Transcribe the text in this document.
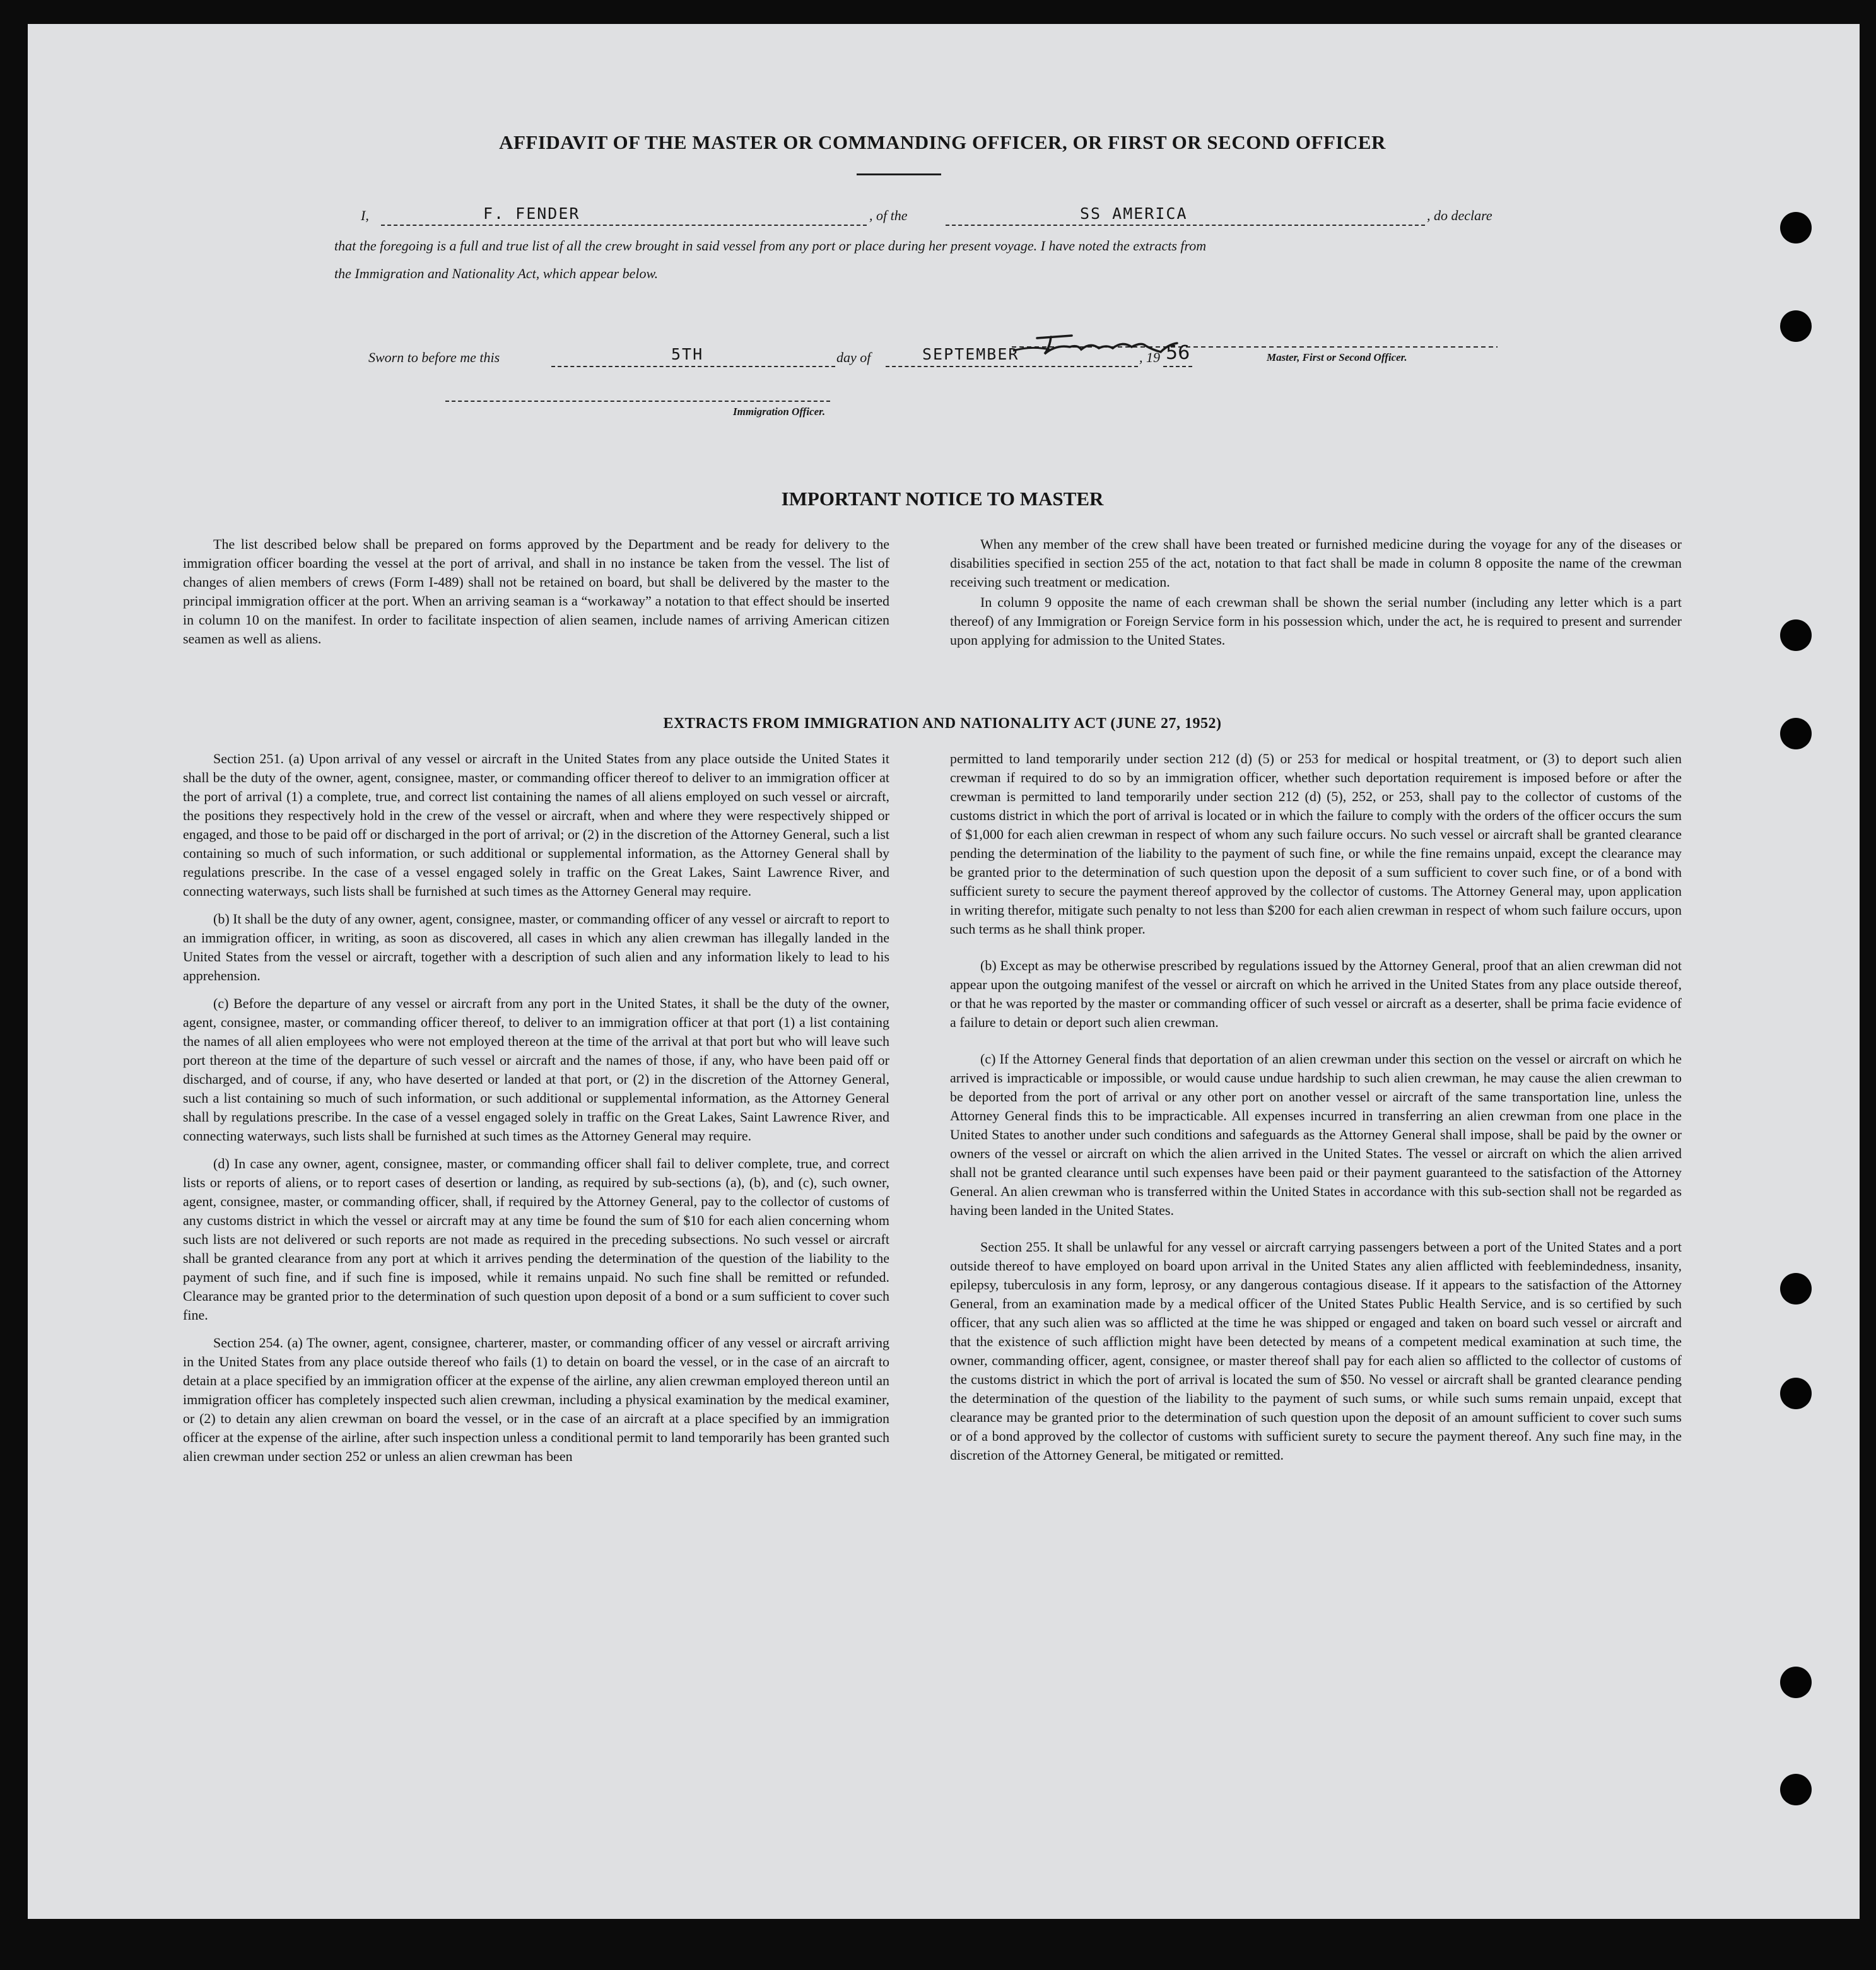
AFFIDAVIT OF THE MASTER OR COMMANDING OFFICER, OR FIRST OR SECOND OFFICER
I,	F. FENDER	, of the	SS AMERICA	, do declare
that the foregoing is a full and true list of all the crew brought in said vessel from any port or place during her present voyage. I have noted the extracts from
the Immigration and Nationality Act, which appear below.
Master, First or Second Officer.
Sworn to before me this	5TH	day of	SEPTEMBER	, 19 56
Immigration Officer.
IMPORTANT NOTICE TO MASTER

The list described below shall be prepared on forms approved by the Department and be ready for delivery to the immigration officer boarding the vessel at the port of arrival, and shall in no instance be taken from the vessel. The list of changes of alien members of crews (Form I-489) shall not be retained on board, but shall be delivered by the master to the principal immigration officer at the port. When an arriving seaman is a “workaway” a notation to that effect should be inserted in column 10 on the manifest. In order to facilitate inspection of alien seamen, include names of arriving American citizen seamen as well as aliens.

When any member of the crew shall have been treated or furnished medicine during the voyage for any of the diseases or disabilities specified in section 255 of the act, notation to that fact shall be made in column 8 opposite the name of the crewman receiving such treatment or medication.

In column 9 opposite the name of each crewman shall be shown the serial number (including any letter which is a part thereof) of any Immigration or Foreign Service form in his possession which, under the act, he is required to present and surrender upon applying for admission to the United States.

EXTRACTS FROM IMMIGRATION AND NATIONALITY ACT (JUNE 27, 1952)

Section 251. (a) Upon arrival of any vessel or aircraft in the United States from any place outside the United States it shall be the duty of the owner, agent, consignee, master, or commanding officer thereof to deliver to an immigration officer at the port of arrival (1) a complete, true, and correct list containing the names of all aliens employed on such vessel or aircraft, the positions they respectively hold in the crew of the vessel or aircraft, when and where they were respectively shipped or engaged, and those to be paid off or discharged in the port of arrival; or (2) in the discretion of the Attorney General, such a list containing so much of such information, or such additional or supplemental information, as the Attorney General shall by regulations prescribe. In the case of a vessel engaged solely in traffic on the Great Lakes, Saint Lawrence River, and connecting waterways, such lists shall be furnished at such times as the Attorney General may require.

(b) It shall be the duty of any owner, agent, consignee, master, or commanding officer of any vessel or aircraft to report to an immigration officer, in writing, as soon as discovered, all cases in which any alien crewman has illegally landed in the United States from the vessel or aircraft, together with a description of such alien and any information likely to lead to his apprehension.

(c) Before the departure of any vessel or aircraft from any port in the United States, it shall be the duty of the owner, agent, consignee, master, or commanding officer thereof, to deliver to an immigration officer at that port (1) a list containing the names of all alien employees who were not employed thereon at the time of the arrival at that port but who will leave such port thereon at the time of the departure of such vessel or aircraft and the names of those, if any, who have been paid off or discharged, and of course, if any, who have deserted or landed at that port, or (2) in the discretion of the Attorney General, such a list containing so much of such information, or such additional or supplemental information, as the Attorney General shall by regulations prescribe. In the case of a vessel engaged solely in traffic on the Great Lakes, Saint Lawrence River, and connecting waterways, such lists shall be furnished at such times as the Attorney General may require.

(d) In case any owner, agent, consignee, master, or commanding officer shall fail to deliver complete, true, and correct lists or reports of aliens, or to report cases of desertion or landing, as required by sub-sections (a), (b), and (c), such owner, agent, consignee, master, or commanding officer, shall, if required by the Attorney General, pay to the collector of customs of any customs district in which the vessel or aircraft may at any time be found the sum of $10 for each alien concerning whom such lists are not delivered or such reports are not made as required in the preceding subsections. No such vessel or aircraft shall be granted clearance from any port at which it arrives pending the determination of the question of the liability to the payment of such fine, and if such fine is imposed, while it remains unpaid. No such fine shall be remitted or refunded. Clearance may be granted prior to the determination of such question upon deposit of a bond or a sum sufficient to cover such fine.

Section 254. (a) The owner, agent, consignee, charterer, master, or commanding officer of any vessel or aircraft arriving in the United States from any place outside thereof who fails (1) to detain on board the vessel, or in the case of an aircraft to detain at a place specified by an immigration officer at the expense of the airline, any alien crewman employed thereon until an immigration officer has completely inspected such alien crewman, including a physical examination by the medical examiner, or (2) to detain any alien crewman on board the vessel, or in the case of an aircraft at a place specified by an immigration officer at the expense of the airline, after such inspection unless a conditional permit to land temporarily has been granted such alien crewman under section 252 or unless an alien crewman has been

permitted to land temporarily under section 212 (d) (5) or 253 for medical or hospital treatment, or (3) to deport such alien crewman if required to do so by an immigration officer, whether such deportation requirement is imposed before or after the crewman is permitted to land temporarily under section 212 (d) (5), 252, or 253, shall pay to the collector of customs of the customs district in which the port of arrival is located or in which the failure to comply with the orders of the officer occurs the sum of $1,000 for each alien crewman in respect of whom any such failure occurs. No such vessel or aircraft shall be granted clearance pending the determination of the liability to the payment of such fine, or while the fine remains unpaid, except the clearance may be granted prior to the determination of such question upon the deposit of a sum sufficient to cover such fine, or of a bond with sufficient surety to secure the payment thereof approved by the collector of customs. The Attorney General may, upon application in writing therefor, mitigate such penalty to not less than $200 for each alien crewman in respect of whom such failure occurs, upon such terms as he shall think proper.

(b) Except as may be otherwise prescribed by regulations issued by the Attorney General, proof that an alien crewman did not appear upon the outgoing manifest of the vessel or aircraft on which he arrived in the United States from any place outside thereof, or that he was reported by the master or commanding officer of such vessel or aircraft as a deserter, shall be prima facie evidence of a failure to detain or deport such alien crewman.

(c) If the Attorney General finds that deportation of an alien crewman under this section on the vessel or aircraft on which he arrived is impracticable or impossible, or would cause undue hardship to such alien crewman, he may cause the alien crewman to be deported from the port of arrival or any other port on another vessel or aircraft of the same transportation line, unless the Attorney General finds this to be impracticable. All expenses incurred in transferring an alien crewman from one place in the United States to another under such conditions and safeguards as the Attorney General shall impose, shall be paid by the owner or owners of the vessel or aircraft on which the alien arrived in the United States. The vessel or aircraft on which the alien arrived shall not be granted clearance until such expenses have been paid or their payment guaranteed to the satisfaction of the Attorney General. An alien crewman who is transferred within the United States in accordance with this sub-section shall not be regarded as having been landed in the United States.

Section 255. It shall be unlawful for any vessel or aircraft carrying passengers between a port of the United States and a port outside thereof to have employed on board upon arrival in the United States any alien afflicted with feeblemindedness, insanity, epilepsy, tuberculosis in any form, leprosy, or any dangerous contagious disease. If it appears to the satisfaction of the Attorney General, from an examination made by a medical officer of the United States Public Health Service, and is so certified by such officer, that any such alien was so afflicted at the time he was shipped or engaged and taken on board such vessel or aircraft and that the existence of such affliction might have been detected by means of a competent medical examination at such time, the owner, commanding officer, agent, consignee, or master thereof shall pay for each alien so afflicted to the collector of customs of the customs district in which the port of arrival is located the sum of $50. No vessel or aircraft shall be granted clearance pending the determination of the question of the liability to the payment of such sums, or while such sums remain unpaid, except that clearance may be granted prior to the determination of such question upon the deposit of an amount sufficient to cover such sums or of a bond approved by the collector of customs with sufficient surety to secure the payment thereof. Any such fine may, in the discretion of the Attorney General, be mitigated or remitted.
